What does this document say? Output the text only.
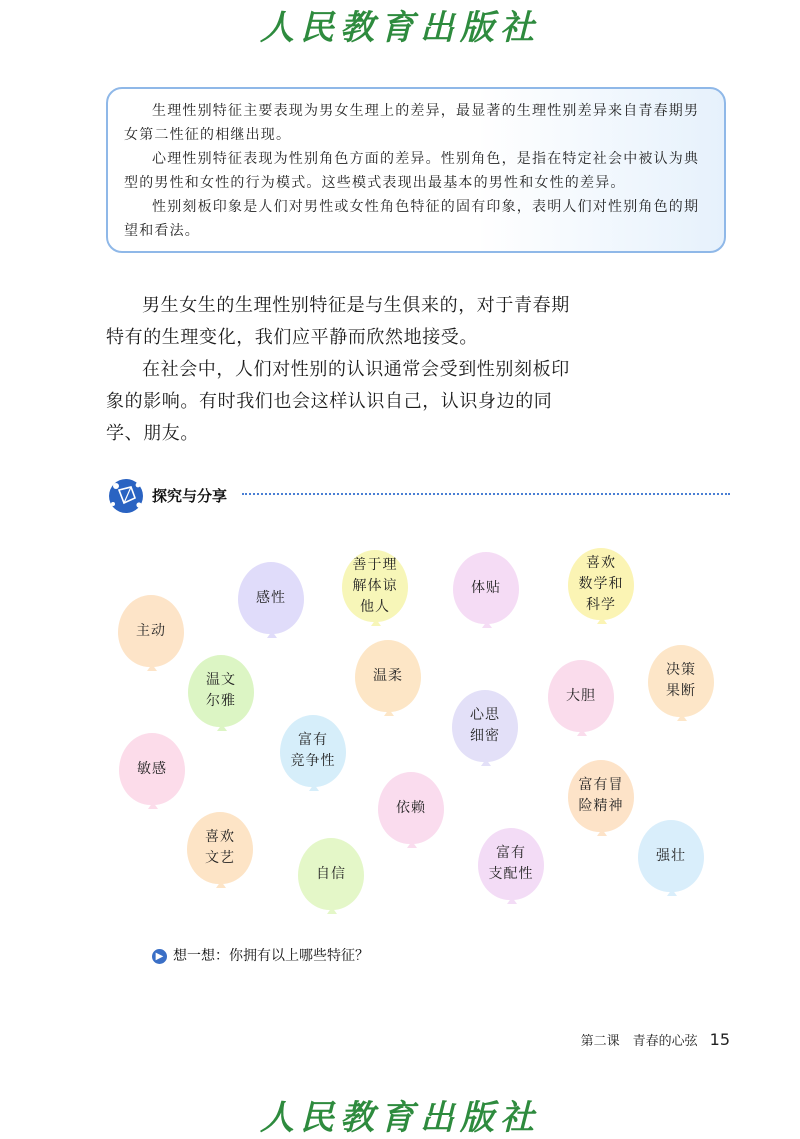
人民教育出版社

生理性别特征主要表现为男女生理上的差异，最显著的生理性别差异来自青春期男女第二性征的相继出现。

心理性别特征表现为性别角色方面的差异。性别角色，是指在特定社会中被认为典型的男性和女性的行为模式。这些模式表现出最基本的男性和女性的差异。

性别刻板印象是人们对男性或女性角色特征的固有印象，表明人们对性别角色的期望和看法。

男生女生的生理性别特征是与生俱来的，对于青春期特有的生理变化，我们应平静而欣然地接受。

在社会中，人们对性别的认识通常会受到性别刻板印象的影响。有时我们也会这样认识自己，认识身边的同学、朋友。

探究与分享
主动
感性
善于理
解体谅
他人
体贴
喜欢
数学和
科学
温文
尔雅
温柔	决策
果断
大胆
心思
细密
敏感
富有
竞争性
依赖
富有冒
险精神
喜欢
文艺
自信
富有
支配性
强壮
▶ 想一想：你拥有以上哪些特征？
第二课　青春的心弦 15
人民教育出版社
